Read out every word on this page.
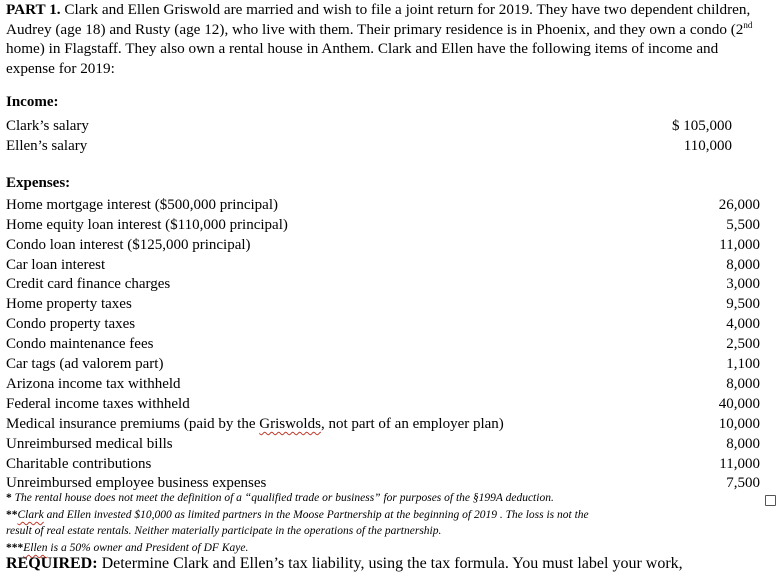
PART 1. Clark and Ellen Griswold are married and wish to file a joint return for 2019. They have two dependent children, Audrey (age 18) and Rusty (age 12), who live with them. Their primary residence is in Phoenix, and they own a condo (2nd home) in Flagstaff. They also own a rental house in Anthem. Clark and Ellen have the following items of income and expense for 2019:

Income:

Clark’s salary	$ 105,000
Ellen’s salary	110,000

Expenses:

Home mortgage interest ($500,000 principal)	26,000
Home equity loan interest ($110,000 principal)	5,500
Condo loan interest ($125,000 principal)	11,000
Car loan interest	8,000
Credit card finance charges	3,000
Home property taxes	9,500
Condo property taxes	4,000
Condo maintenance fees	2,500
Car tags (ad valorem part)	1,100
Arizona income tax withheld	8,000
Federal income taxes withheld	40,000
Medical insurance premiums (paid by the Griswolds, not part of an employer plan)	10,000
Unreimbursed medical bills	8,000
Charitable contributions	11,000
Unreimbursed employee business expenses	7,500

* The rental house does not meet the definition of a “qualified trade or business” for purposes of the §199A deduction.

**Clark and Ellen invested $10,000 as limited partners in the Moose Partnership at the beginning of 2019 . The loss is not the

result of real estate rentals. Neither materially participate in the operations of the partnership.

***Ellen is a 50% owner and President of DF Kaye.

REQUIRED: Determine Clark and Ellen’s tax liability, using the tax formula. You must label your work,
